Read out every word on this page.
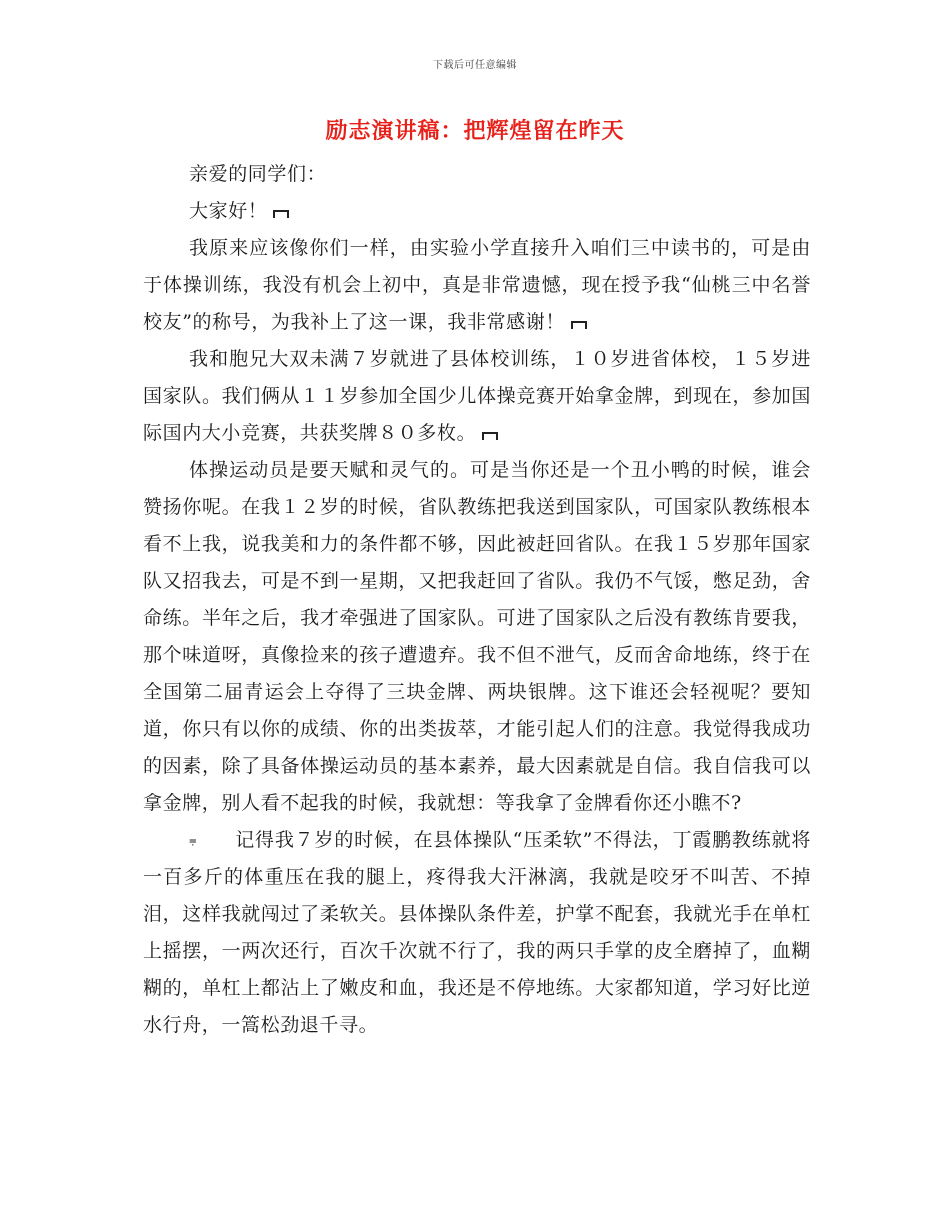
下载后可任意编辑
励志演讲稿：把辉煌留在昨天

亲爱的同学们：

大家好！

我原来应该像你们一样，由实验小学直接升入咱们三中读书的，可是由于体操训练，我没有机会上初中，真是非常遗憾，现在授予我“仙桃三中名誉校友”的称号，为我补上了这一课，我非常感谢！

我和胞兄大双未满７岁就进了县体校训练，１０岁进省体校，１５岁进国家队。我们俩从１１岁参加全国少儿体操竞赛开始拿金牌，到现在，参加国际国内大小竞赛，共获奖牌８０多枚。

体操运动员是要天赋和灵气的。可是当你还是一个丑小鸭的时候，谁会赞扬你呢。在我１２岁的时候，省队教练把我送到国家队，可国家队教练根本看不上我，说我美和力的条件都不够，因此被赶回省队。在我１５岁那年国家队又招我去，可是不到一星期，又把我赶回了省队。我仍不气馁，憋足劲，舍命练。半年之后，我才牵强进了国家队。可进了国家队之后没有教练肯要我，那个味道呀，真像捡来的孩子遭遗弃。我不但不泄气，反而舍命地练，终于在全国第二届青运会上夺得了三块金牌、两块银牌。这下谁还会轻视呢？要知道，你只有以你的成绩、你的出类拔萃，才能引起人们的注意。我觉得我成功的因素，除了具备体操运动员的基本素养，最大因素就是自信。我自信我可以拿金牌，别人看不起我的时候，我就想：等我拿了金牌看你还小瞧不?

⩦ 记得我７岁的时候，在县体操队“压柔软”不得法，丁霞鹏教练就将一百多斤的体重压在我的腿上，疼得我大汗淋漓，我就是咬牙不叫苦、不掉泪，这样我就闯过了柔软关。县体操队条件差，护掌不配套，我就光手在单杠上摇摆，一两次还行，百次千次就不行了，我的两只手掌的皮全磨掉了，血糊糊的，单杠上都沾上了嫩皮和血，我还是不停地练。大家都知道，学习好比逆水行舟，一篙松劲退千寻。
